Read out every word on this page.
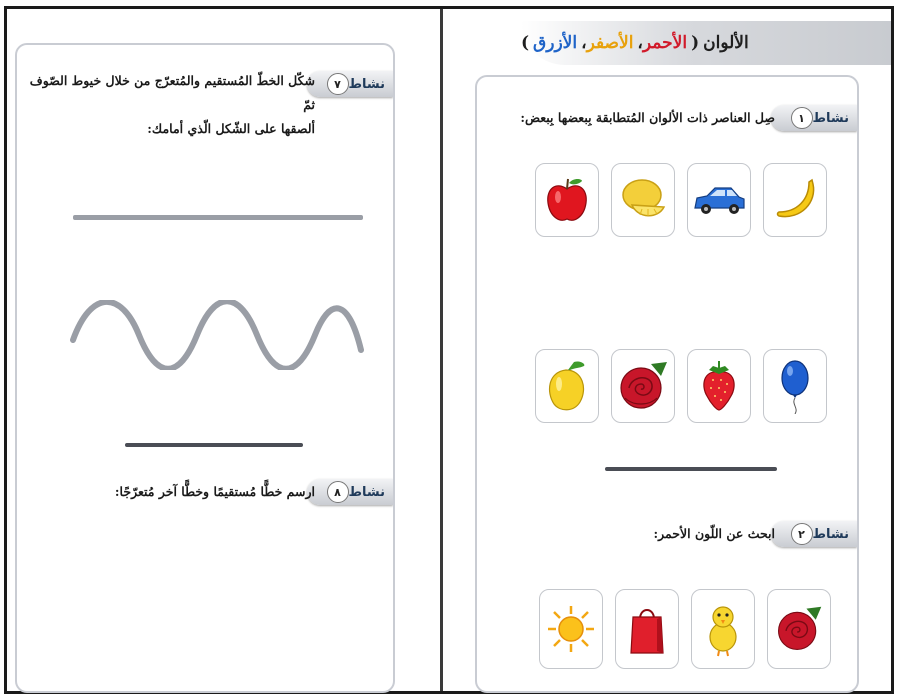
نشاط
٧
شكّل الخطّ المُستقيم والمُتعرّج من خلال خيوط الصّوف ثمّ
ألصقها على الشّكل الّذي أمامك:
نشاط
٨
ارسم خطًّا مُستقيمًا وخطًّا آخر مُتعرّجًا:
الألوان
(
الأحمر
،
الأصفر
،
الأزرق
)
نشاط
١
صِل العناصر ذات الألوان المُتطابقة بِبعضها بِبعض:
نشاط
٢
ابحث عن اللّون الأحمر:
